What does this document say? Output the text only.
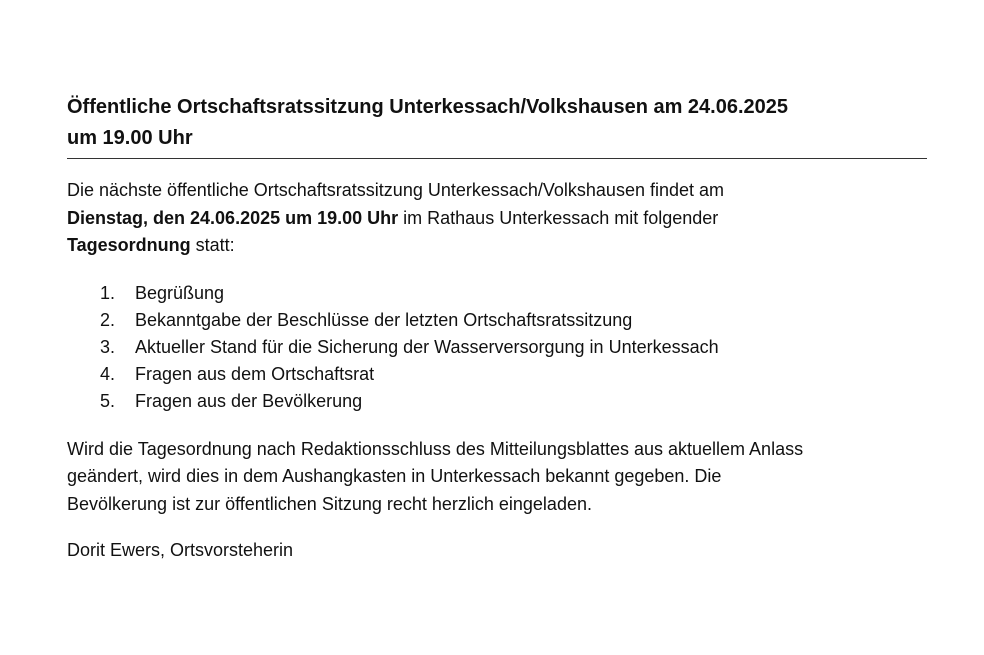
Öffentliche Ortschaftsratssitzung Unterkessach/Volkshausen am 24.06.2025
um 19.00 Uhr

Die nächste öffentliche Ortschaftsratssitzung Unterkessach/Volkshausen findet am
Dienstag, den 24.06.2025 um 19.00 Uhr im Rathaus Unterkessach mit folgender
Tagesordnung statt:

1.	Begrüßung
2.	Bekanntgabe der Beschlüsse der letzten Ortschaftsratssitzung
3.	Aktueller Stand für die Sicherung der Wasserversorgung in Unterkessach
4.	Fragen aus dem Ortschaftsrat
5.	Fragen aus der Bevölkerung

Wird die Tagesordnung nach Redaktionsschluss des Mitteilungsblattes aus aktuellem Anlass
geändert, wird dies in dem Aushangkasten in Unterkessach bekannt gegeben. Die
Bevölkerung ist zur öffentlichen Sitzung recht herzlich eingeladen.

Dorit Ewers, Ortsvorsteherin
